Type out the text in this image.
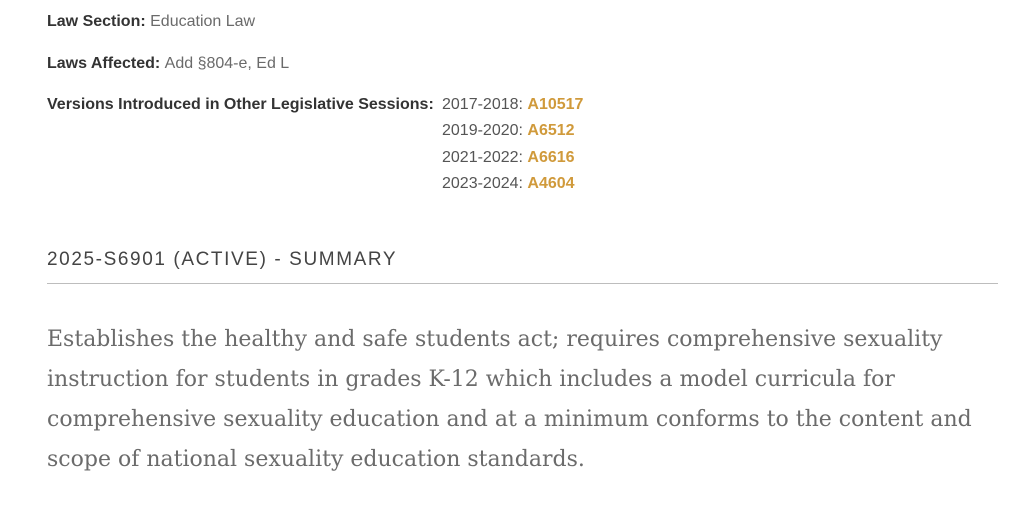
Law Section: Education Law
Laws Affected: Add §804-e, Ed L
Versions Introduced in Other Legislative Sessions: 2017-2018: A10517
2019-2020: A6512
2021-2022: A6616
2023-2024: A4604
2025-S6901 (ACTIVE) - SUMMARY

Establishes the healthy and safe students act; requires comprehensive sexuality instruction for students in grades K-12 which includes a model curricula for comprehensive sexuality education and at a minimum conforms to the content and scope of national sexuality education standards.
